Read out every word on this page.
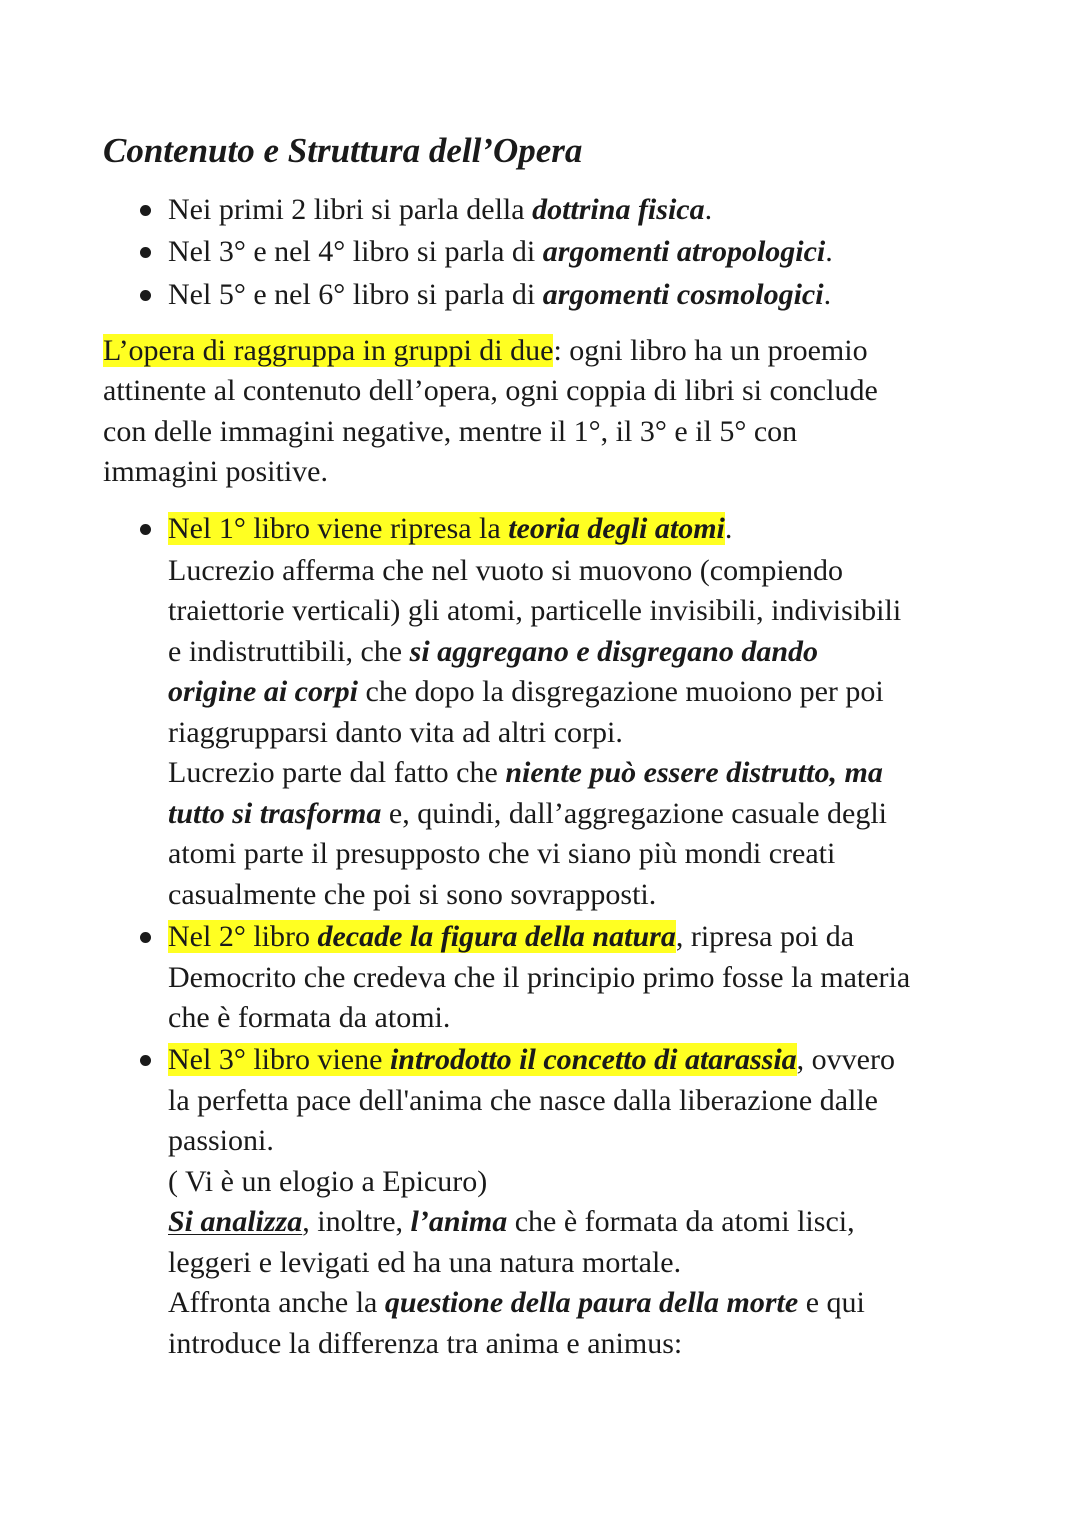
Contenuto e Struttura dell’Opera
Nei primi 2 libri si parla della dottrina fisica.
Nel 3° e nel 4° libro si parla di argomenti atropologici.
Nel 5° e nel 6° libro si parla di argomenti cosmologici.
L’opera di raggruppa in gruppi di due: ogni libro ha un proemio
attinente al contenuto dell’opera, ogni coppia di libri si conclude
con delle immagini negative, mentre il 1°, il 3° e il 5° con
immagini positive.
Nel 1° libro viene ripresa la teoria degli atomi.
Lucrezio afferma che nel vuoto si muovono (compiendo
traiettorie verticali) gli atomi, particelle invisibili, indivisibili
e indistruttibili, che si aggregano e disgregano dando
origine ai corpi che dopo la disgregazione muoiono per poi
riaggrupparsi danto vita ad altri corpi.
Lucrezio parte dal fatto che niente può essere distrutto, ma
tutto si trasforma e, quindi, dall’aggregazione casuale degli
atomi parte il presupposto che vi siano più mondi creati
casualmente che poi si sono sovrapposti.
Nel 2° libro decade la figura della natura, ripresa poi da
Democrito che credeva che il principio primo fosse la materia
che è formata da atomi.
Nel 3° libro viene introdotto il concetto di atarassia, ovvero
la perfetta pace dell'anima che nasce dalla liberazione dalle
passioni.
( Vi è un elogio a Epicuro)
Si analizza, inoltre, l’anima che è formata da atomi lisci,
leggeri e levigati ed ha una natura mortale.
Affronta anche la questione della paura della morte e qui
introduce la differenza tra anima e animus:
